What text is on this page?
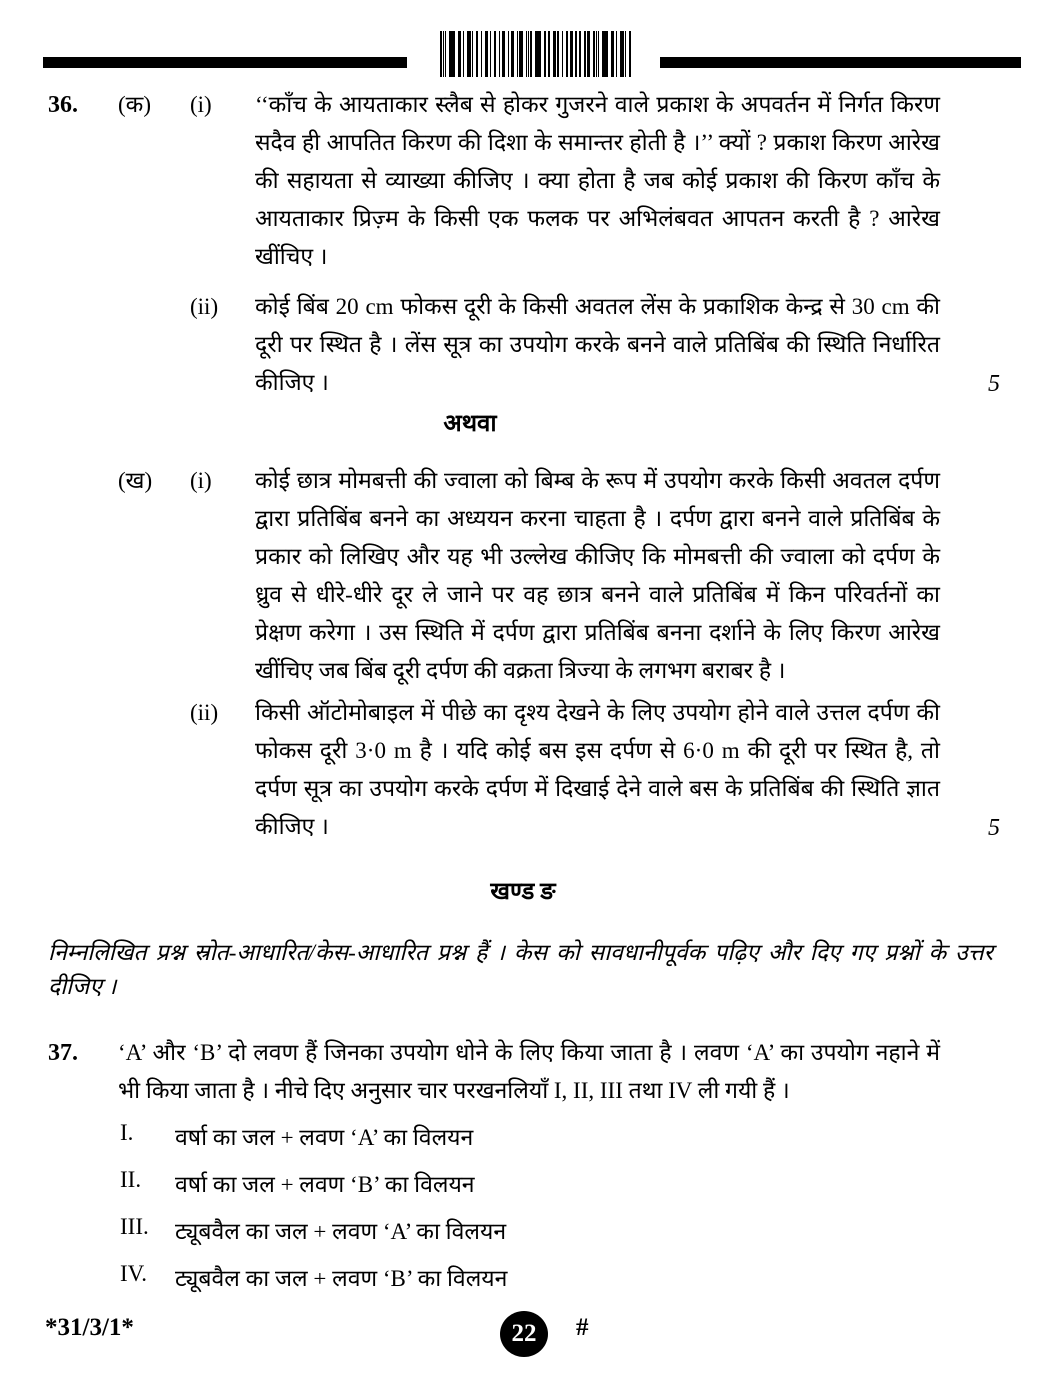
36. (क) (i) ‘‘काँच के आयताकार स्लैब से होकर गुजरने वाले प्रकाश के अपवर्तन में निर्गत किरण सदैव ही आपतित किरण की दिशा के समान्तर होती है ।’’ क्यों ? प्रकाश किरण आरेख की सहायता से व्याख्या कीजिए । क्या होता है जब कोई प्रकाश की किरण काँच के आयताकार प्रिज़्म के किसी एक फलक पर अभिलंबवत आपतन करती है ? आरेख खींचिए ।
(ii) कोई बिंब 20 cm फोकस दूरी के किसी अवतल लेंस के प्रकाशिक केन्द्र से 30 cm की दूरी पर स्थित है । लेंस सूत्र का उपयोग करके बनने वाले प्रतिबिंब की स्थिति निर्धारित कीजिए ।	5
अथवा
(ख) (i) कोई छात्र मोमबत्ती की ज्वाला को बिम्ब के रूप में उपयोग करके किसी अवतल दर्पण द्वारा प्रतिबिंब बनने का अध्ययन करना चाहता है । दर्पण द्वारा बनने वाले प्रतिबिंब के प्रकार को लिखिए और यह भी उल्लेख कीजिए कि मोमबत्ती की ज्वाला को दर्पण के ध्रुव से धीरे-धीरे दूर ले जाने पर वह छात्र बनने वाले प्रतिबिंब में किन परिवर्तनों का प्रेक्षण करेगा । उस स्थिति में दर्पण द्वारा प्रतिबिंब बनना दर्शाने के लिए किरण आरेख खींचिए जब बिंब दूरी दर्पण की वक्रता त्रिज्या के लगभग बराबर है ।
(ii) किसी ऑटोमोबाइल में पीछे का दृश्य देखने के लिए उपयोग होने वाले उत्तल दर्पण की फोकस दूरी 3·0 m है । यदि कोई बस इस दर्पण से 6·0 m की दूरी पर स्थित है, तो दर्पण सूत्र का उपयोग करके दर्पण में दिखाई देने वाले बस के प्रतिबिंब की स्थिति ज्ञात कीजिए ।	5
खण्ड ङ
निम्नलिखित प्रश्न स्रोत-आधारित/केस-आधारित प्रश्न हैं । केस को सावधानीपूर्वक पढ़िए और दिए गए प्रश्नों के उत्तर दीजिए ।
37. ‘A’ और ‘B’ दो लवण हैं जिनका उपयोग धोने के लिए किया जाता है । लवण ‘A’ का उपयोग नहाने में भी किया जाता है । नीचे दिए अनुसार चार परखनलियाँ I, II, III तथा IV ली गयी हैं ।
I. वर्षा का जल + लवण ‘A’ का विलयन
II. वर्षा का जल + लवण ‘B’ का विलयन
III. ट्यूबवैल का जल + लवण ‘A’ का विलयन
IV. ट्यूबवैल का जल + लवण ‘B’ का विलयन
*31/3/1*	22	#
